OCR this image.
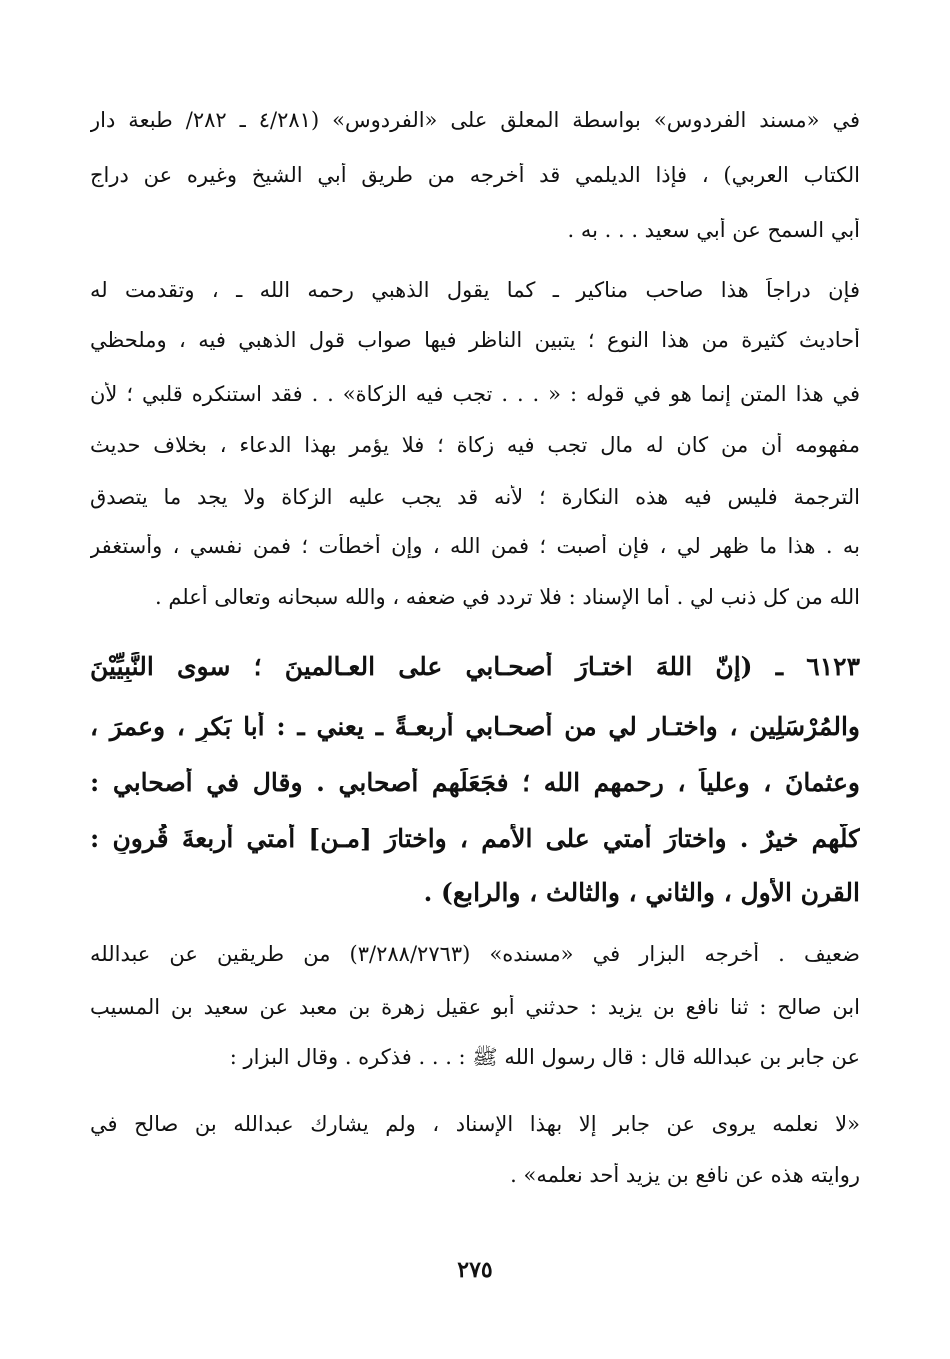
في «مسند الفردوس» بواسطة المعلق على «الفردوس» (٤/٢٨١ ـ ٢٨٢/ طبعة دار
الكتاب العربي) ، فإذا الديلمي قد أخرجه من طريق أبي الشيخ وغيره عن دراج
أبي السمح عن أبي سعيد . . . به .
فإن دراجاً هذا صاحب مناكير ـ كما يقول الذهبي رحمه الله ـ ، وتقدمت له
أحاديث كثيرة من هذا النوع ؛ يتبين الناظر فيها صواب قول الذهبي فيه ، وملحظي
في هذا المتن إنما هو في قوله : « . . . تجب فيه الزكاة» . . فقد استنكره قلبي ؛ لأن
مفهومه أن من كان له مال تجب فيه زكاة ؛ فلا يؤمر بهذا الدعاء ، بخلاف حديث
الترجمة فليس فيه هذه النكارة ؛ لأنه قد يجب عليه الزكاة ولا يجد ما يتصدق
به . هذا ما ظهر لي ، فإن أصبت ؛ فمن الله ، وإن أخطأت ؛ فمن نفسي ، وأستغفر
الله من كل ذنب لي . أما الإسناد : فلا تردد في ضعفه ، والله سبحانه وتعالى أعلم .
٦١٢٣ ـ (إنّ اللهَ اختـارَ أصحـابي على العـالمينَ ؛ سوى النَّبِيِّيْنَ
والمُرْسَلِين ، واختـار لي من أصحـابي أربعـةً ـ يعني ـ : أبا بَكرٍ ، وعمرَ ،
وعثمانَ ، وعلياً ، رحمهم الله ؛ فجَعَلَهم أصحابي . وقال في أصحابي :
كلُّهم خيرٌ . واختارَ أمتي على الأمم ، واختارَ [مـن] أمتي أربعةَ قُرونٍ :
القرن الأول ، والثاني ، والثالث ، والرابع) .
ضعيف . أخرجه البزار في «مسنده» (٣/٢٨٨/٢٧٦٣) من طريقين عن عبدالله
ابن صالح : ثنا نافع بن يزيد : حدثني أبو عقيل زهرة بن معبد عن سعيد بن المسيب
عن جابر بن عبدالله قال : قال رسول الله ﷺ : . . . فذكره . وقال البزار :
«لا نعلمه يروى عن جابر إلا بهذا الإسناد ، ولم يشارك عبدالله بن صالح في
روايته هذه عن نافع بن يزيد أحد نعلمه» .
٢٧٥
